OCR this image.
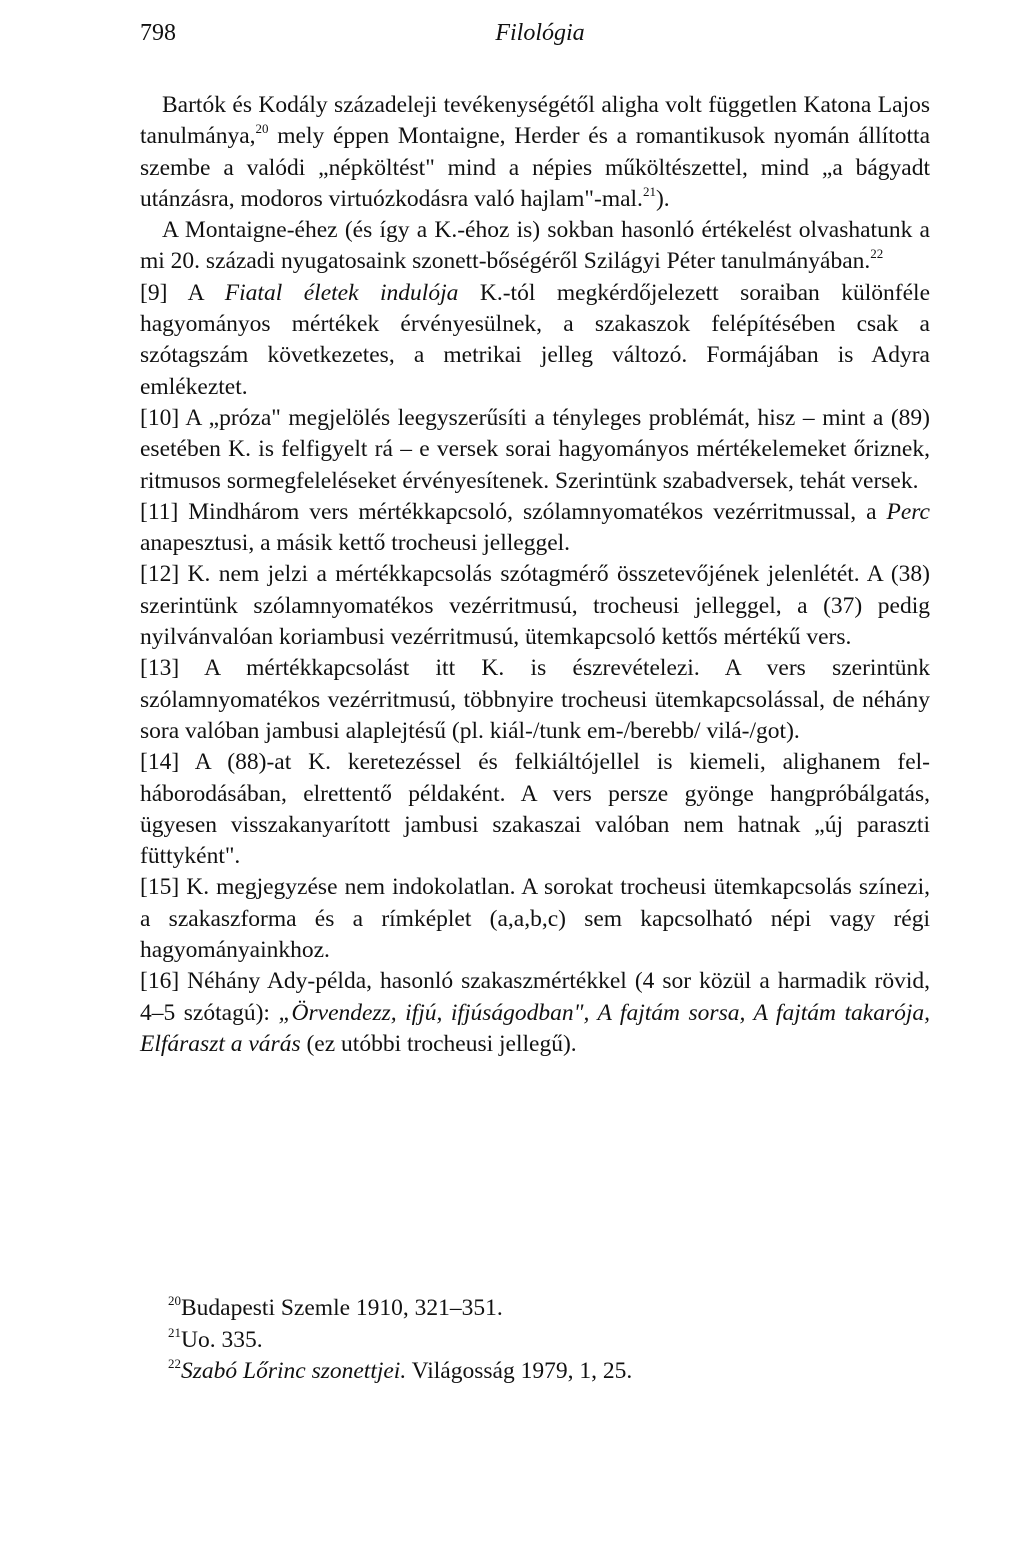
798	Filológia

Bartók és Kodály századeleji tevékenységétől aligha volt független Katona Lajos tanulmánya,$^{20}$ mely éppen Montaigne, Herder és a romantikusok nyomán állította szembe a valódi „népköltést" mind a népies műköltészettel, mind „a bágyadt utánzásra, modoros virtuózkodásra való hajlam"-mal.$^{21}$).

A Montaigne-éhez (és így a K.-éhoz is) sokban hasonló értékelést olvashatunk a mi 20. századi nyugatosaink szonett-bőségéről Szilágyi Péter tanulmányában.$^{22}$

[9] A Fiatal életek indulója K.-tól megkérdőjelezett soraiban különféle hagyományos mértékek érvényesülnek, a szakaszok felépítésében csak a szótagszám következetes, a metrikai jelleg változó. Formájában is Adyra emlékeztet.

[10] A „próza" megjelölés leegyszerűsíti a tényleges problémát, hisz – mint a (89) esetében K. is felfigyelt rá – e versek sorai hagyományos mértékelemeket őriznek, ritmusos sormegfeleléseket érvényesítenek. Szerintünk szabadversek, tehát versek.

[11] Mindhárom vers mértékkapcsoló, szólamnyomatékos vezérritmussal, a Perc anapesztusi, a másik kettő trocheusi jelleggel.

[12] K. nem jelzi a mértékkapcsolás szótagmérő összetevőjének jelenlétét. A (38) szerintünk szólamnyomatékos vezérritmusú, trocheusi jelleggel, a (37) pedig nyilvánvalóan koriambusi vezérritmusú, ütemkapcsoló kettős mértékű vers.

[13] A mértékkapcsolást itt K. is észrevételezi. A vers szerintünk szólamnyomatékos vezérritmusú, többnyire trocheusi ütemkapcsolással, de néhány sora valóban jambusi alaplejtésű (pl. kiál-/tunk em-/berebb/ vilá-/got).

[14] A (88)-at K. keretezéssel és felkiáltójellel is kiemeli, alighanem felháborodásában, elrettentő példaként. A vers persze gyönge hangpróbálgatás, ügyesen visszakanyarított jambusi szakaszai valóban nem hatnak „új paraszti füttyként".

[15] K. megjegyzése nem indokolatlan. A sorokat trocheusi ütemkapcsolás színezi, a szakaszforma és a rímképlet (a,a,b,c) sem kapcsolható népi vagy régi hagyományainkhoz.

[16] Néhány Ady-példa, hasonló szakaszmértékkel (4 sor közül a harmadik rövid, 4–5 szótagú): „Örvendezz, ifjú, ifjúságodban", A fajtám sorsa, A fajtám takarója, Elfáraszt a várás (ez utóbbi trocheusi jellegű).

$^{20}$Budapesti Szemle 1910, 321–351.

$^{21}$Uo. 335.

$^{22}$Szabó Lőrinc szonettjei. Világosság 1979, 1, 25.
